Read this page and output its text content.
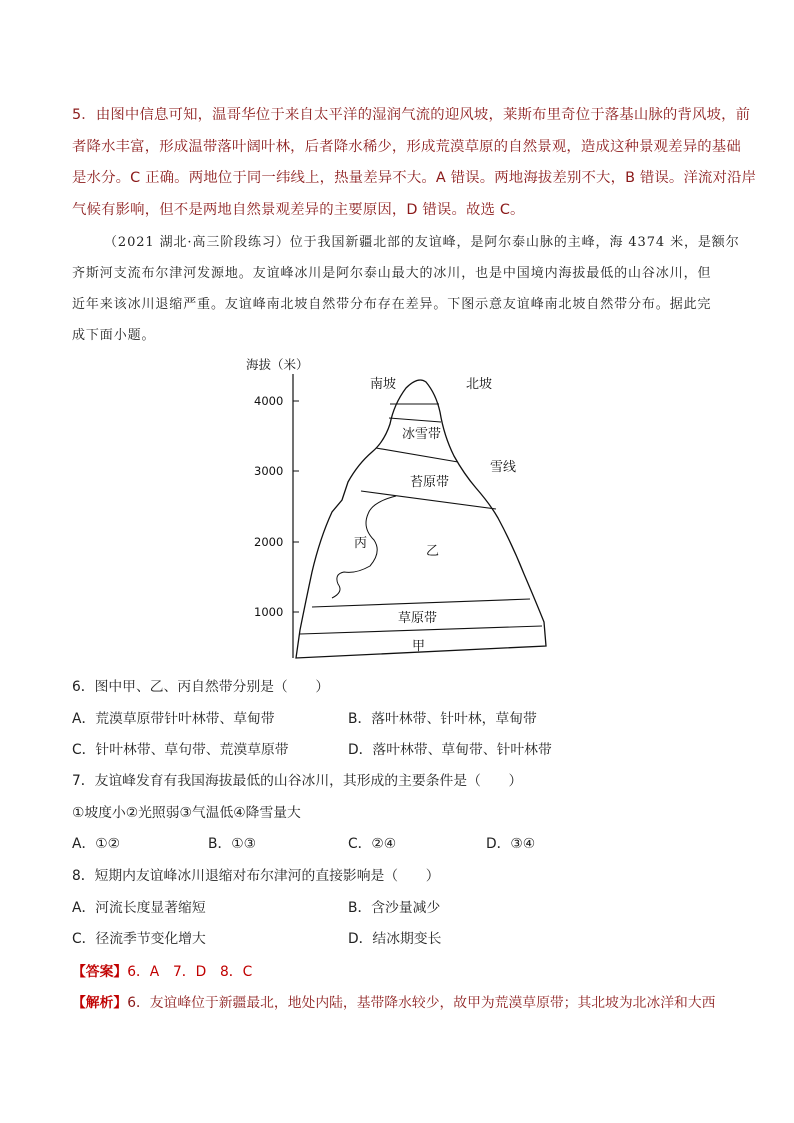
5．由图中信息可知，温哥华位于来自太平洋的湿润气流的迎风坡，莱斯布里奇位于落基山脉的背风坡，前
者降水丰富，形成温带落叶阔叶林，后者降水稀少，形成荒漠草原的自然景观，造成这种景观差异的基础
是水分。C 正确。两地位于同一纬线上，热量差异不大。A 错误。两地海拔差别不大，B 错误。洋流对沿岸
气候有影响，但不是两地自然景观差异的主要原因，D 错误。故选 C。
（2021 湖北·高三阶段练习）位于我国新疆北部的友谊峰，是阿尔泰山脉的主峰，海 4374 米，是额尔
齐斯河支流布尔津河发源地。友谊峰冰川是阿尔泰山最大的冰川，也是中国境内海拔最低的山谷冰川，但
近年来该冰川退缩严重。友谊峰南北坡自然带分布存在差异。下图示意友谊峰南北坡自然带分布。据此完
成下面小题。
海拔（米）
4000
3000
2000
1000
南坡	北坡
冰雪带
雪线
苔原带
丙
乙
草原带
甲
6．图中甲、乙、丙自然带分别是（　　）
A．荒漠草原带针叶林带、草甸带	B．落叶林带、针叶林，草甸带
C．针叶林带、草句带、荒漠草原带	D．落叶林带、草甸带、针叶林带
7．友谊峰发育有我国海拔最低的山谷冰川，其形成的主要条件是（　　）
①坡度小②光照弱③气温低④降雪量大
A．①②	B．①③	C．②④	D．③④
8．短期内友谊峰冰川退缩对布尔津河的直接影响是（　　）
A．河流长度显著缩短	B．含沙量减少
C．径流季节变化增大	D．结冰期变长
【答案】6．A　7．D　8．C
【解析】6．友谊峰位于新疆最北，地处内陆，基带降水较少，故甲为荒漠草原带；其北坡为北冰洋和大西
